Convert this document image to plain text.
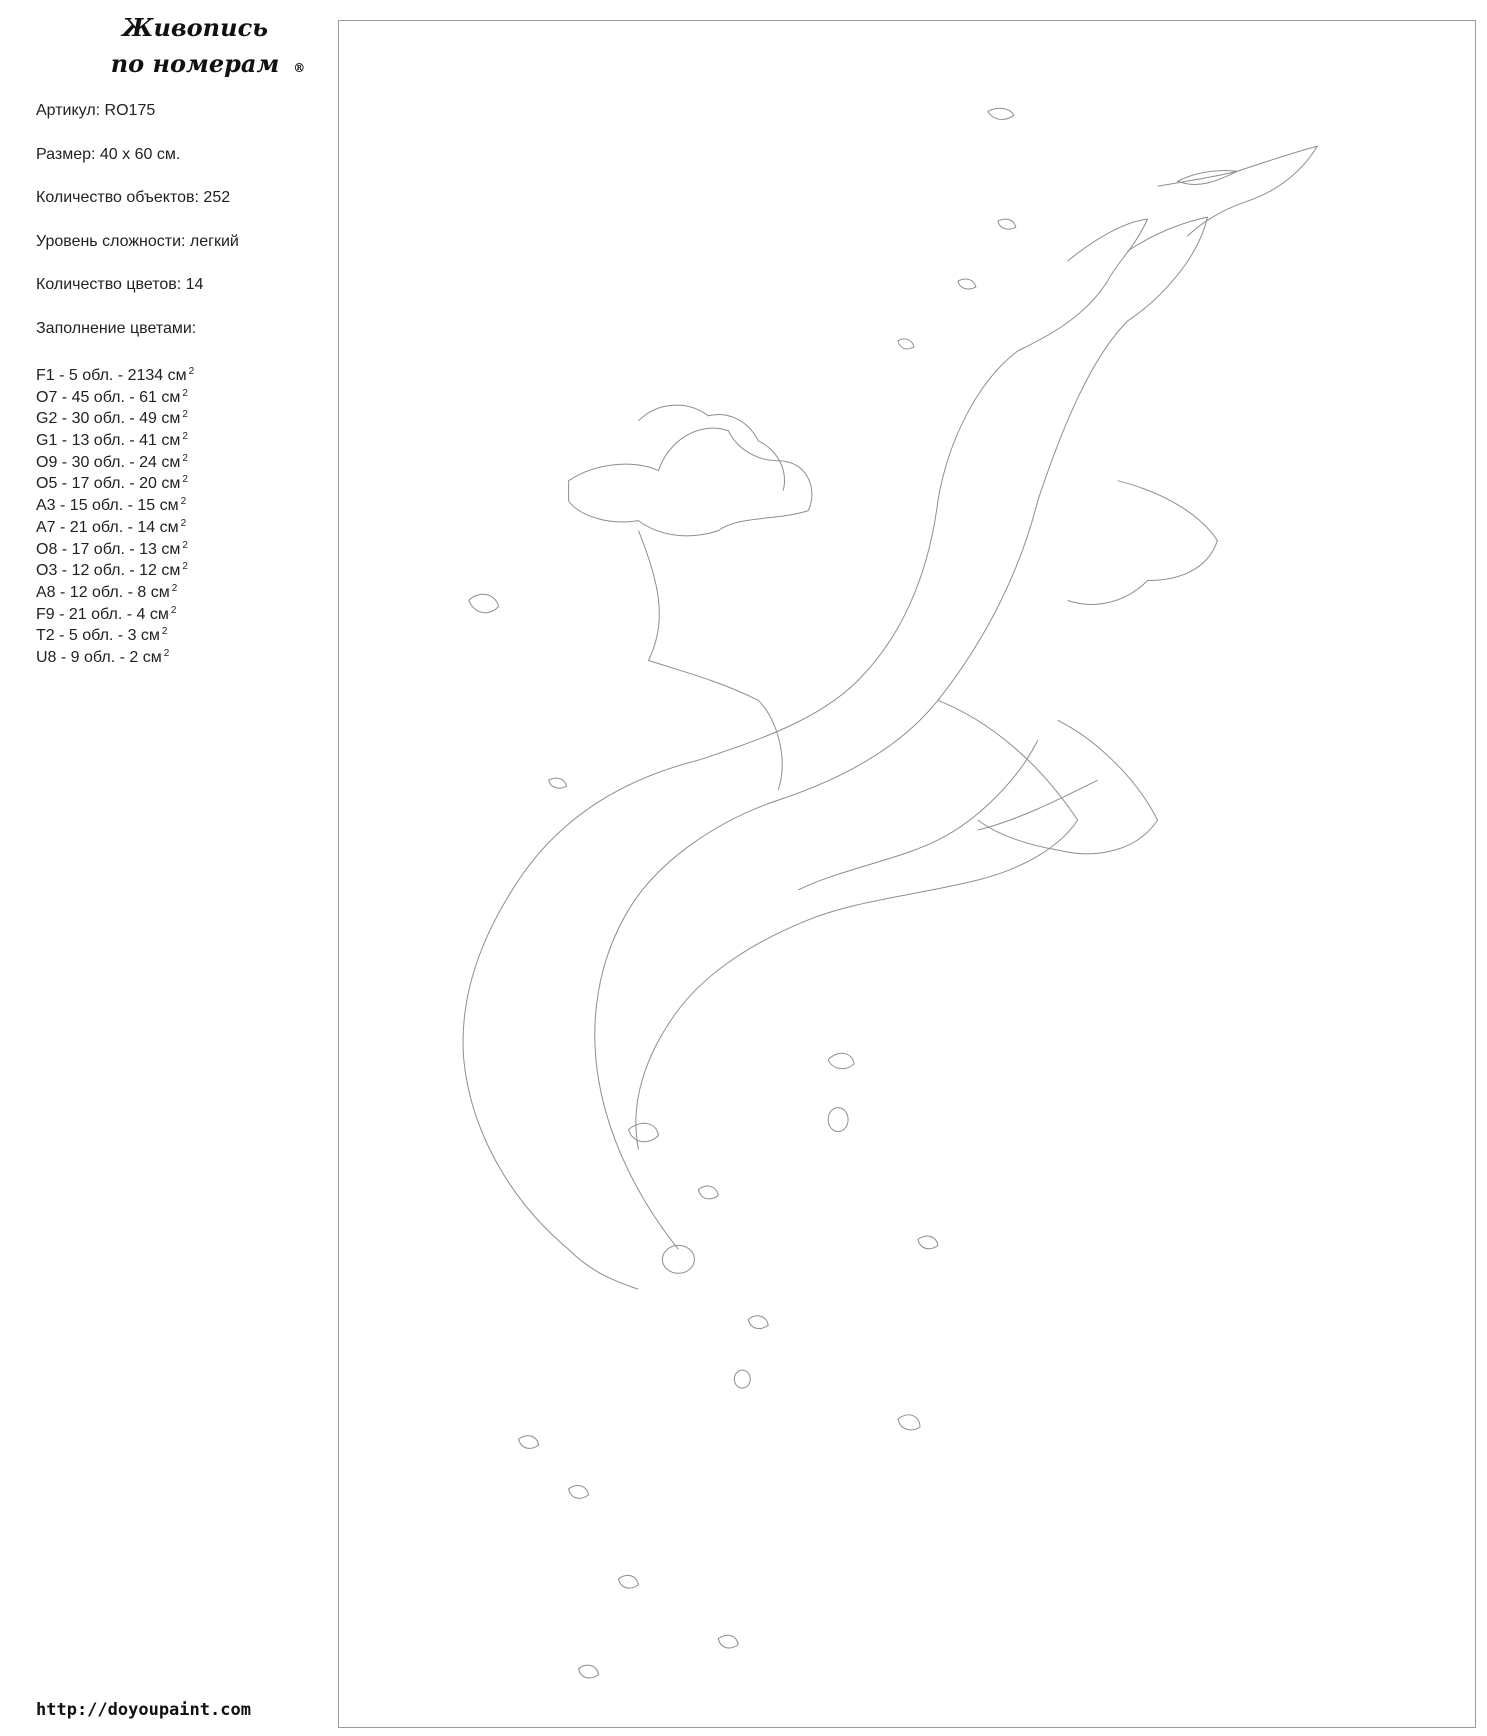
Живопись
по номерам ®
Артикул: RO175
Размер: 40 х 60 см.
Количество объектов: 252
Уровень сложности: легкий
Количество цветов: 14
Заполнение цветами:
F1 - 5 обл. - 2134 см $^2$
O7 - 45 обл. - 61 см $^2$
G2 - 30 обл. - 49 см $^2$
G1 - 13 обл. - 41 см $^2$
O9 - 30 обл. - 24 см $^2$
O5 - 17 обл. - 20 см $^2$
A3 - 15 обл. - 15 см $^2$
A7 - 21 обл. - 14 см $^2$
O8 - 17 обл. - 13 см $^2$
O3 - 12 обл. - 12 см $^2$
A8 - 12 обл. - 8 см $^2$
F9 - 21 обл. - 4 см $^2$
T2 - 5 обл. - 3 см $^2$
U8 - 9 обл. - 2 см $^2$
http://doyoupaint.com
